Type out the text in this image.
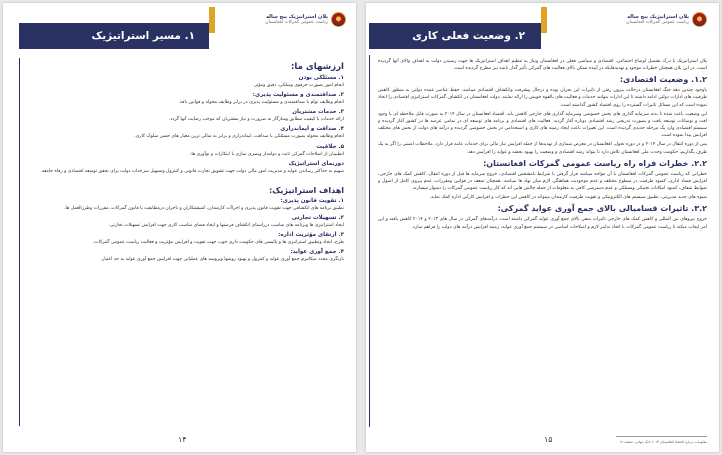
پلان استراتیژیک پنج ساله
ریاست عمومی گمرکات افغانستان
۱. مسیر استراتیژیک
ارزشهای ما:
۱. مسئلکی بودن
انجام امور بصورت حرفوی وسلکی، دقیق ومؤثر.
۲. صداقتمندی و مسئولیت پذیری:
انجام وظایف توأم با صداقتمندی و مسئولیت پذیری در برابر وظایف محوله و قوانین نافذ.
۳. خدمات مشتریان
ارائه خدمات با کیفیت مطابق وسازگار به ضرورت و نیاز مشتریان که موجب رضایت آنها گردد.
۴. صداقت و ایماندراری
انجام وظایف محوله بصورت مسئلکی با صداقت، ایماندراری و برابر به تمالی ترین معیار های حسن سلوک کاری.
۵. خلاقیت
انطبیبان از اصلاحات گمرکی ثابت و دوامدار وبصری سازی با ابتکارات و نوآوری ها.
دورنمای استراتیژیک
سهیم به حداکثر رساندن عواید و مدیریت امور مالی دولت جهت تشویق تجارت قانونی و کنترول وتسهیل سرحدات دولت برای تحقق توسعه اقتصادی و رفاه جامعه.
اهداف استراتیژیک:
۱. تقویت قانون پذیری:
تطبیق برنامه های انکشافی جهت تقویت قانون پذیری و اجراآت کارمندان، کمیشنکاران و تاجران درمطابقت با قانون گمرکات، مقررات وطرزالعمل ها.
۲. تسهیلات تجارتی
ایجاد استراتیژی ها وبرنامه های مناسب درراستای انکشاف فرصتها و ایجاد فضای مناسب کاری جهت افزایش تسهیلات تجارتی.
۳. ارتقای مؤثریت اداره:
طرح، ایجاد وتطبیق استراتیژی ها و پالیسی های حکومت داری خوب جهت تقویت و افزایش مؤثریت و فعالیت ریاست عمومی گمرکات.
۴. جمع آوری عواید:
بازنگری مجدد میکانیزم جمع آوری عواید و کنترول و بهبود روشها وپروسه های عملیاتی جهت افزایش جمع آوری عواید به حد اعتبار.
۱۴
پلان استراتیژیک پنج ساله
ریاست عمومی گمرکات افغانستان
۲. وضعیت فعلی کاری
پلان استراتیژیک با درک تشمیل اوضاع اجتماعی، اقتصادی و سیاسی فعلی در افغانستان ونیاز به تنظیم اهداف استراتیژیک ها جهت رسیدن دولت به اهداف والای آنها گردیده است. در این پلان همچنان خطرات موجود و تهدیدهایکه در آینده ممکن بالای فعالیت های گمرکی تأثیر گذار باشد نیز مطرح گردیده است.
۱.۲. وضعیت اقتصادی:
باوجود چندین دهه جنگ افغانستان درحالت بیرون رفتن از تاثیرات این بحران بوده و درحال پیشرفت وانکشاف اقتصادی میباشد. حفظ عناصر عمده دولتی به منظور کاهش ظرفیت های ادارات دولتی ادامه داشته تا این ادارات بتوانند خدمات و فعالیت های بالقوه خویش را ارائه نمایند. دولت افغانستان در انکشاف گمرکات استراتیژی اقتصادی را اتخاذ نموده است که این مسائل تاثیرات گسترده را روی اقتصاد کشور گذاشته است.
این وضعیت باعث شده تا بدنه سرمایه گذاری های بخش خصوصی وسرمایه گذاری های خارجی کاهش یابد. اقتصاد افغانستان در سال ۲۰۱۴ به صورت قابل ملاحظه ای با وجود افت و نوسانات توسعه یافت و بصورت تدریجی رشد اقتصادی دوباره آغاز گردید. فعالیت های اقتصادی و برنامه های توسعه ای در تمامی عرصه ها در کشور آغاز گردیده و سیستم اقتصادی وارد یک مرحله جدیدی گردیده است. این تغییرات باعث ایجاد زمینه های کاری و استخدامی در بخش خصوصی گردیده و درآمد های دولت از بخش های مختلف افزایش پیدا نموده است.
پس از دوره انتقال در سال ۲۰۱۴ و در دوره تحول، افغانستان در معرض شماری از تهدیدها از جمله افزایش نیاز مالی برای خدمات عامه قرار دارد. ملاحظات امنیتی را اگر به یک طرف بگذاریم، حکومت وحدت ملی افغانستان تلاش دارد تا بتواند رشد اقتصادی و وضعیت را بهبود بخشد و عواید را افزایش دهد.
۲.۲. خطرات فراه راه ریاست عمومی گمرکات افغانستان:
خطراتی که ریاست عمومی گمرکات افغانستان با آن مواجه میباشد قرار گرفتن با شرایط نامشخص اقتصادی، خروج سرمایه ها قبل از دوره انتقال، کاهش کمک های خارجی، افزایش فساد اداری، کمبود ظرفیت در سطوح مختلف و عدم موجودیت هماهنگی لازم میان نهاد ها میباشد. همچنان ضعف در قوانین ومقررات، عدم پیروی کامل از اصول و ضوابط شفاف، کمبود امکانات تخنیکی ومسلکی و عدم دسترسی کافی به معلومات از جمله چالش هایی اند که کار ریاست عمومی گمرکات را دشوار میسازند.
شیوه های جدید مدیریتی، تطبیق سیستم های الکترونیکی و تقویت ظرفیت کارمندان میتواند در کاهش این خطرات و افزایش کارآیی اداره کمک نماید.
۳.۲. تاثیرات قسامیالی بالای جمع آوری عواید گمرکی:
خروج نیروهای بین المللی و کاهش کمک های خارجی تاثیرات منفی بالای جمع آوری عواید گمرکی داشته است. درآمدهای گمرکی در سال های ۲۰۱۳ و ۲۰۱۴ کاهش یافته و این امر ایجاب میکند تا ریاست عمومی گمرکات با اتخاذ تدابیر لازم و اصلاحات اساسی در سیستم جمع آوری عواید، زمینه افزایش درآمد های دولت را فراهم سازد.
معلومات درباره اقتصاد افغانستان ۲۰۱۴ بانک جهانی، صفحه ۱۲
۱۵
